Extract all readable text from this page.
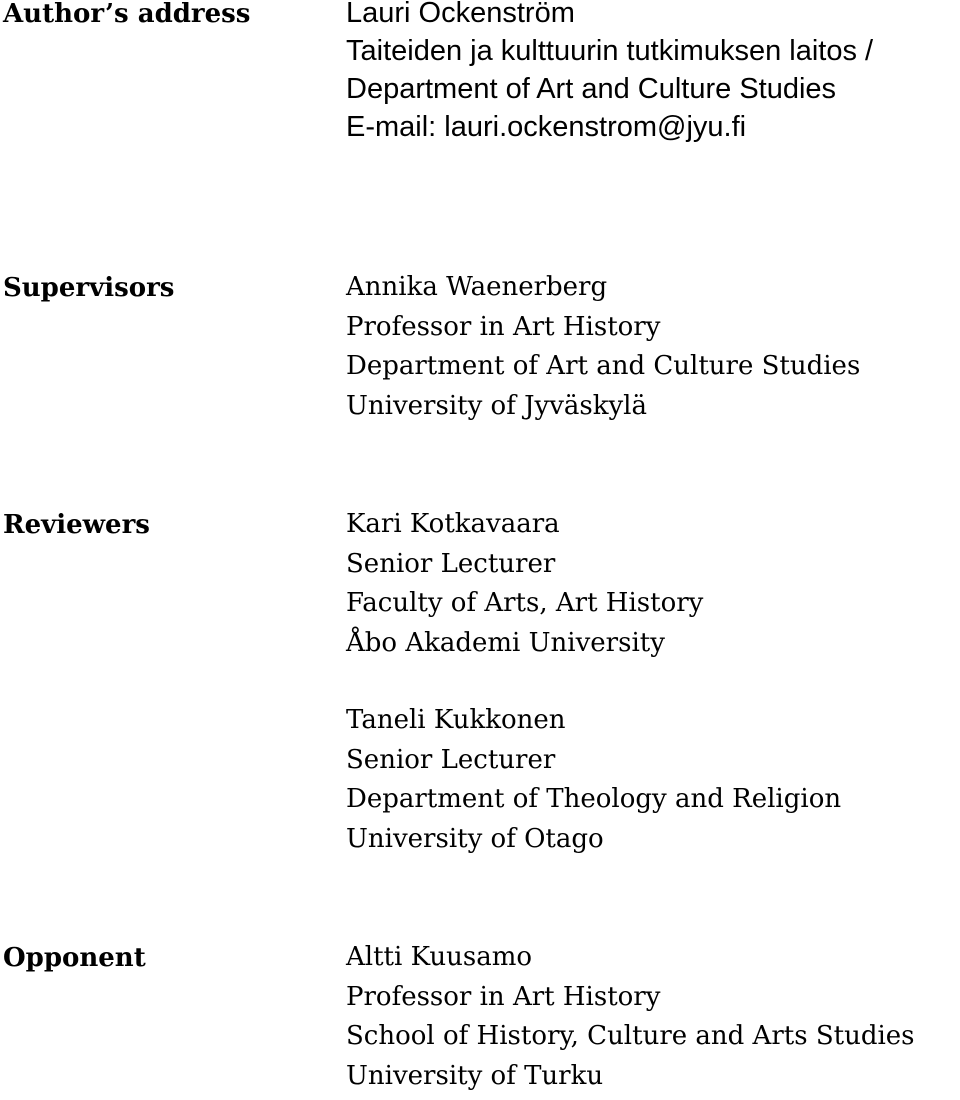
Author’s address	Lauri Ockenström
Taiteiden ja kulttuurin tutkimuksen laitos /
Department of Art and Culture Studies
E-mail: lauri.ockenstrom@jyu.fi
Supervisors	Annika Waenerberg
Professor in Art History
Department of Art and Culture Studies
University of Jyväskylä
Reviewers	Kari Kotkavaara
Senior Lecturer
Faculty of Arts, Art History
Åbo Akademi University
Taneli Kukkonen
Senior Lecturer
Department of Theology and Religion
University of Otago
Opponent	Altti Kuusamo
Professor in Art History
School of History, Culture and Arts Studies
University of Turku
